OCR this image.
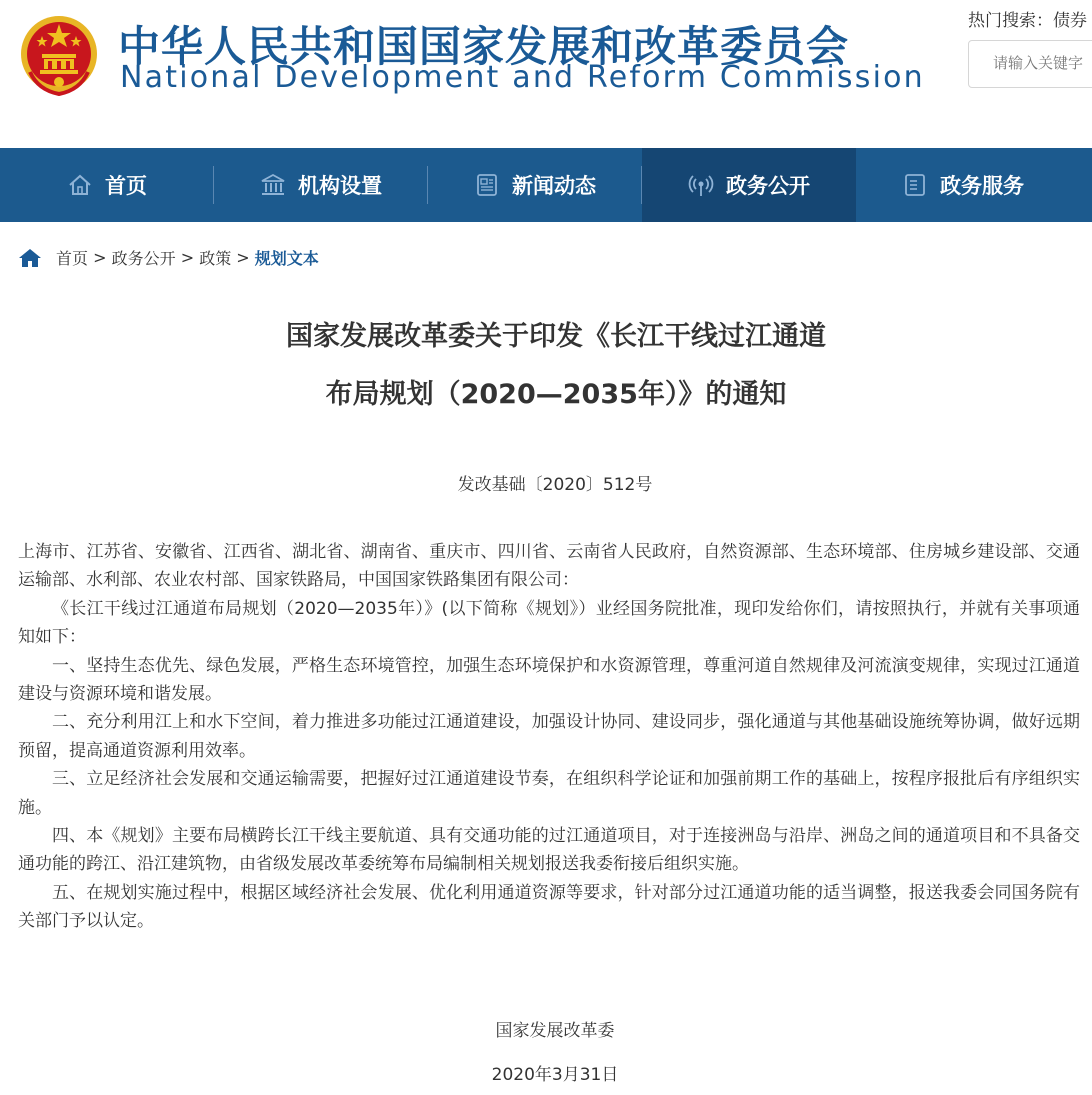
中华人民共和国国家发展和改革委员会
National Development and Reform Commission
热门搜索：债券
请输入关键字
首页	机构设置	新闻动态	政务公开	政务服务
首页 > 政务公开 > 政策 > 规划文本
国家发展改革委关于印发《长江干线过江通道
布局规划（2020—2035年）》的通知
发改基础〔2020〕512号

上海市、江苏省、安徽省、江西省、湖北省、湖南省、重庆市、四川省、云南省人民政府，自然资源部、生态环境部、住房城乡建设部、交通运输部、水利部、农业农村部、国家铁路局，中国国家铁路集团有限公司：

《长江干线过江通道布局规划（2020—2035年）》(以下简称《规划》）业经国务院批准，现印发给你们，请按照执行，并就有关事项通知如下：

一、坚持生态优先、绿色发展，严格生态环境管控，加强生态环境保护和水资源管理，尊重河道自然规律及河流演变规律，实现过江通道建设与资源环境和谐发展。

二、充分利用江上和水下空间，着力推进多功能过江通道建设，加强设计协同、建设同步，强化通道与其他基础设施统筹协调，做好远期预留，提高通道资源利用效率。

三、立足经济社会发展和交通运输需要，把握好过江通道建设节奏，在组织科学论证和加强前期工作的基础上，按程序报批后有序组织实施。

四、本《规划》主要布局横跨长江干线主要航道、具有交通功能的过江通道项目，对于连接洲岛与沿岸、洲岛之间的通道项目和不具备交通功能的跨江、沿江建筑物，由省级发展改革委统筹布局编制相关规划报送我委衔接后组织实施。

五、在规划实施过程中，根据区域经济社会发展、优化利用通道资源等要求，针对部分过江通道功能的适当调整，报送我委会同国务院有关部门予以认定。

国家发展改革委
2020年3月31日
